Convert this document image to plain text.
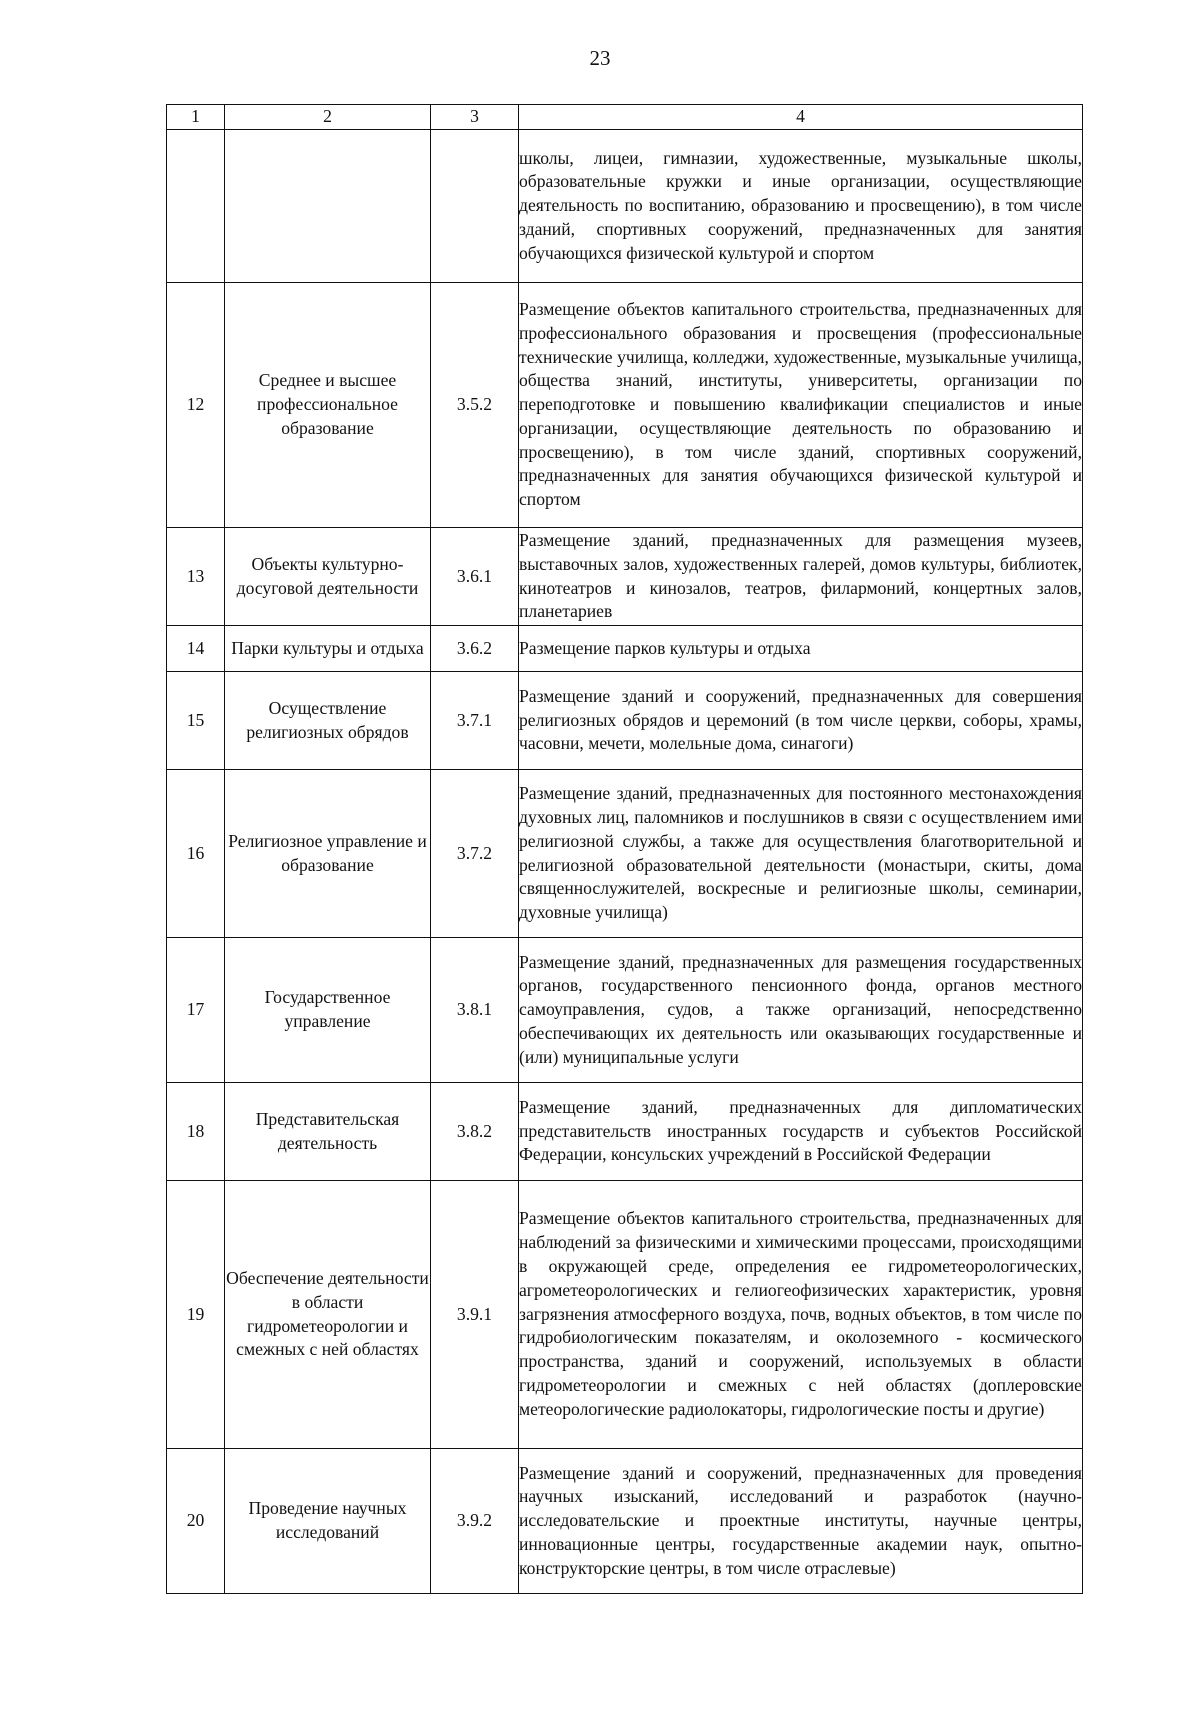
23
1	2	3	4
			школы, лицеи, гимназии, художественные, музыкальные школы, образовательные кружки и иные организации, осуществляющие деятельность по воспитанию, образованию и просвещению), в том числе зданий, спортивных сооружений, предназначенных для занятия обучающихся физической культурой и спортом
12	Среднее и высшее профессиональное образование	3.5.2	Размещение объектов капитального строительства, предназначенных для профессионального образования и просвещения (профессиональные технические училища, колледжи, художественные, музыкальные училища, общества знаний, институты, университеты, организации по переподготовке и повышению квалификации специалистов и иные организации, осуществляющие деятельность по образованию и просвещению), в том числе зданий, спортивных сооружений, предназначенных для занятия обучающихся физической культурой и спортом
13	Объекты культурно-досуговой деятельности	3.6.1	Размещение зданий, предназначенных для размещения музеев, выставочных залов, художественных галерей, домов культуры, библиотек, кинотеатров и кинозалов, театров, филармоний, концертных залов, планетариев
14	Парки культуры и отдыха	3.6.2	Размещение парков культуры и отдыха
15	Осуществление религиозных обрядов	3.7.1	Размещение зданий и сооружений, предназначенных для совершения религиозных обрядов и церемоний (в том числе церкви, соборы, храмы, часовни, мечети, молельные дома, синагоги)
16	Религиозное управление и образование	3.7.2	Размещение зданий, предназначенных для постоянного местонахождения духовных лиц, паломников и послушников в связи с осуществлением ими религиозной службы, а также для осуществления благотворительной и религиозной образовательной деятельности (монастыри, скиты, дома священнослужителей, воскресные и религиозные школы, семинарии, духовные училища)
17	Государственное управление	3.8.1	Размещение зданий, предназначенных для размещения государственных органов, государственного пенсионного фонда, органов местного самоуправления, судов, а также организаций, непосредственно обеспечивающих их деятельность или оказывающих государственные и (или) муниципальные услуги
18	Представительская деятельность	3.8.2	Размещение зданий, предназначенных для дипломатических представительств иностранных государств и субъектов Российской Федерации, консульских учреждений в Российской Федерации
19	Обеспечение деятельности в области гидрометеорологии и смежных с ней областях	3.9.1	Размещение объектов капитального строительства, предназначенных для наблюдений за физическими и химическими процессами, происходящими в окружающей среде, определения ее гидрометеорологических, агрометеорологических и гелиогеофизических характеристик, уровня загрязнения атмосферного воздуха, почв, водных объектов, в том числе по гидробиологическим показателям, и околоземного - космического пространства, зданий и сооружений, используемых в области гидрометеорологии и смежных с ней областях (доплеровские метеорологические радиолокаторы, гидрологические посты и другие)
20	Проведение научных исследований	3.9.2	Размещение зданий и сооружений, предназначенных для проведения научных изысканий, исследований и разработок (научно-исследовательские и проектные институты, научные центры, инновационные центры, государственные академии наук, опытно-конструкторские центры, в том числе отраслевые)
